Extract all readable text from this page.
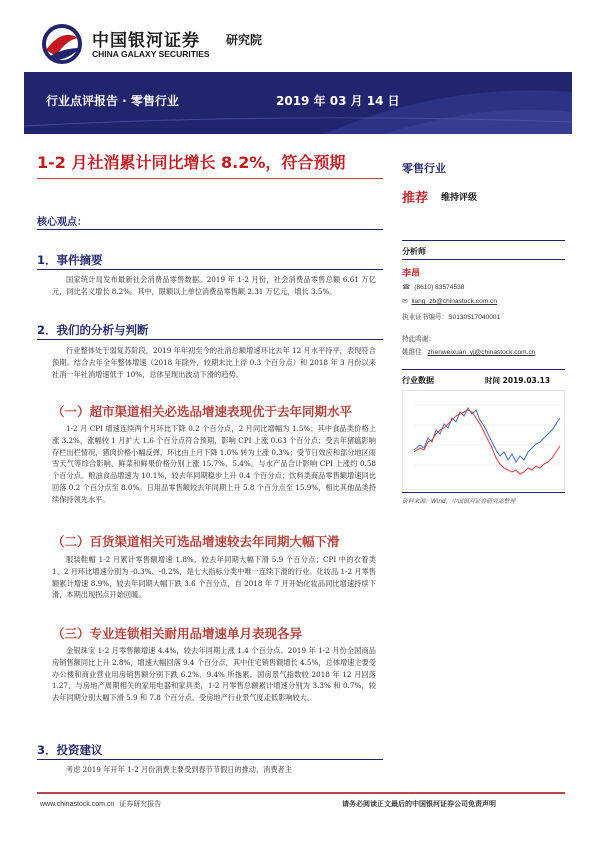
中国银河证券
CHINA GALAXY SECURITIES
研究院
行业点评报告 · 零售行业	2019 年 03 月 14 日
1-2 月社消累计同比增长 8.2%，符合预期	零售行业
推荐 维持评级
核心观点：
1．事件摘要

国家统计局发布最新社会消费品零售数据。2019 年 1-2 月份，社会消费品零售总额 6.61 万亿元，同比名义增长 8.2%。其中，限额以上单位消费品零售额 2.31 万亿元，增长 3.5%。

2．我们的分析与判断

行业整体处于弱复苏阶段，2019 年年初至今的社消总额增速环比去年 12 月水平持平，表现符合预期。结合去年全年整体增速（2018 年除外，较期末比上浮 0.3 个百分点）和 2018 年 3 月份以来社消一年社消增速低于 10%，总体呈现出波动下滑的趋势。

（一）超市渠道相关必选品增速表现优于去年同期水平

1-2 月 CPI 增速连续两个月环比下降 0.2 个百分点，2 月同比增幅为 1.5%；其中食品类价格上涨 3.2%，涨幅较 1 月扩大 1.6 个百分点符合预期，影响 CPI 上涨 0.63 个百分点；受去年猪瘟影响存栏出栏情况，猪肉价格小幅反弹，环比由上月下降 1.0% 转为上涨 0.3%；受节日效应和部分地区雨雪天气等综合影响，鲜菜和鲜果价格分别上涨 15.7%、5.4%。与水产品合计影响 CPI 上涨约 0.58 个百分点。粮油食品增速为 10.1%，较去年同期稳步上升 0.4 个百分点；饮料类商品零售额增速同比回落 0.2 个百分点至 8.0%。日用品零售额较去年同期上升 5.8 个百分点至 15.9%，相比其他品类持续保持领先水平。

（二）百货渠道相关可选品增速较去年同期大幅下滑

服装鞋帽 1-2 月累计零售额增速 1.8%，较去年同期大幅下滑 5.9 个百分点；CPI 中的衣着类 1、2 月环比增速分别为 -0.3%、-0.2%，是七大指标分类中唯一连续下滑的行业。化妆品 1-2 月零售额累计增速 8.9%，较去年同期大幅下跌 3.6 个百分点，自 2018 年 7 月开始化妆品同比增速持续下滑，本期出现拐点开始回暖。

（三）专业连锁相关耐用品增速单月表现各异

金银珠宝 1-2 月零售额增速 4.4%，较去年同期上涨 1.4 个百分点。2019 年 1-2 月份全国商品房销售额同比上升 2.8%，增速大幅回落 9.4 个百分点，其中住宅销售额增长 4.5%，总体增速主要受办公楼和商业营业用房销售额分别下跌 6.2%、9.4% 所拖累。国房景气指数较 2018 年 12 月回落 1.27，与房地产周期相关的家用电器和家具类，1-2 月零售总额累计增速分别为 3.3% 和 0.7%，较去年同期分别大幅下滑 5.9 和 7.8 个百分点，受房地产行业景气度走低影响较大。

3．投资建议

考虑 2019 年开年 1-2 月份消费主要受到春节节假日的推动，消费者主

分析师
李昂
☎ (8610) 83574538
✉ liang_zb@chinastock.com.cn
执业证书编号：S0130517040001
特此鸣谢：
姚维佳 zhenweixuan_yj@chinastock.com.cn
行业数据	时间 2019.03.13
资料来源：Wind，中国银河证券研究部整理
www.chinastock.com.cn 证券研究报告	请务必阅读正文最后的中国银河证券公司免责声明
